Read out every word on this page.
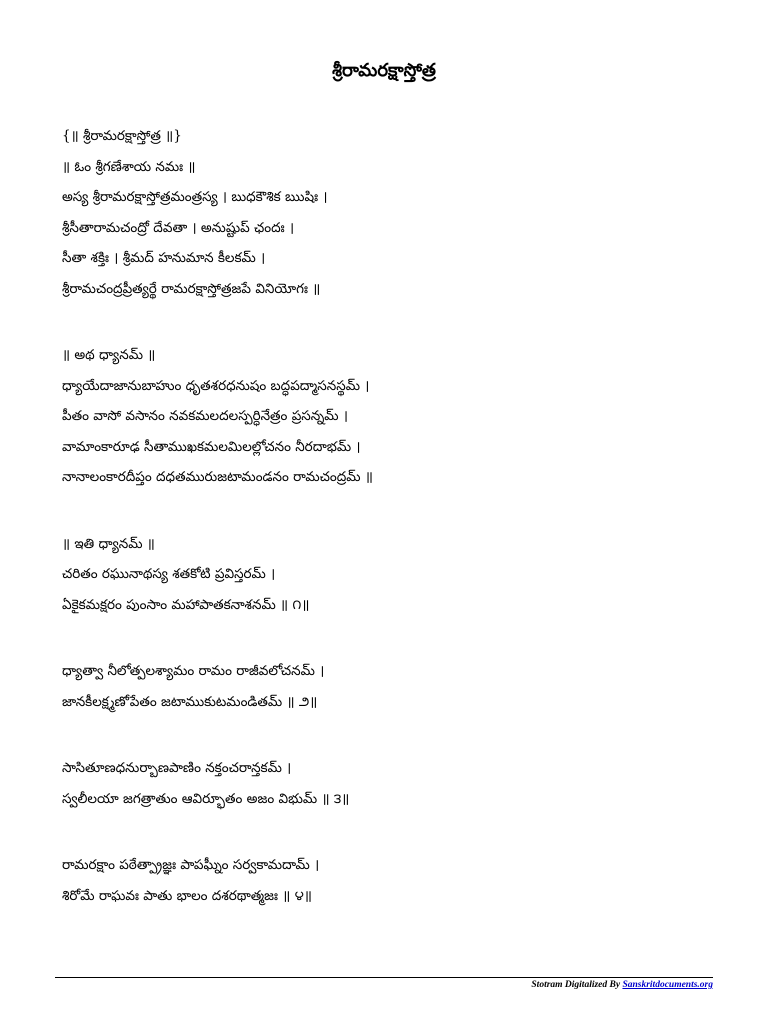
శ్రీరామరక్షాస్తోత్ర
{॥ శ్రీరామరక్షాస్తోత్ర ॥}
॥ ఓం శ్రీగణేశాయ నమః ॥
అస్య శ్రీరామరక్షాస్తోత్రమంత్రస్య । బుధకౌశిక ఋషిః ।
శ్రీసీతారామచంద్రో దేవతా । అనుష్టుప్ ఛందః ।
సీతా శక్తిః । శ్రీమద్ హనుమాన కీలకమ్ ।
శ్రీరామచంద్రప్రీత్యర్థే రామరక్షాస్తోత్రజపే వినియోగః ॥
॥ అథ ధ్యానమ్ ॥
ధ్యాయేదాజానుబాహుం ధృతశరధనుషం బద్ధపద్మాసనస్థమ్ ।
పీతం వాసో వసానం నవకమలదలస్పర్ధినేత్రం ప్రసన్నమ్ ।
వామాంకారూఢ సీతాముఖకమలమిలల్లోచనం నీరదాభమ్ ।
నానాలంకారదీప్తం దధతమురుజటామండనం రామచంద్రమ్ ॥
॥ ఇతి ధ్యానమ్ ॥
చరితం రఘునాథస్య శతకోటి ప్రవిస్తరమ్ ।
ఏకైకమక్షరం పుంసాం మహాపాతకనాశనమ్ ॥ ౧॥
ధ్యాత్వా నీలోత్పలశ్యామం రామం రాజీవలోచనమ్ ।
జానకీలక్ష్మణోపేతం జటాముకుటమండితమ్ ॥ ౨॥
సాసితూణధనుర్బాణపాణిం నక్తంచరాన్తకమ్ ।
స్వలీలయా జగత్రాతుం ఆవిర్భూతం అజం విభుమ్ ॥ ౩॥
రామరక్షాం పఠేత్ప్రాజ్ఞః పాపఘ్నీం సర్వకామదామ్ ।
శిరోమే రాఘవః పాతు భాలం దశరథాత్మజః ॥ ౪॥
Stotram Digitalized By Sanskritdocuments.org
